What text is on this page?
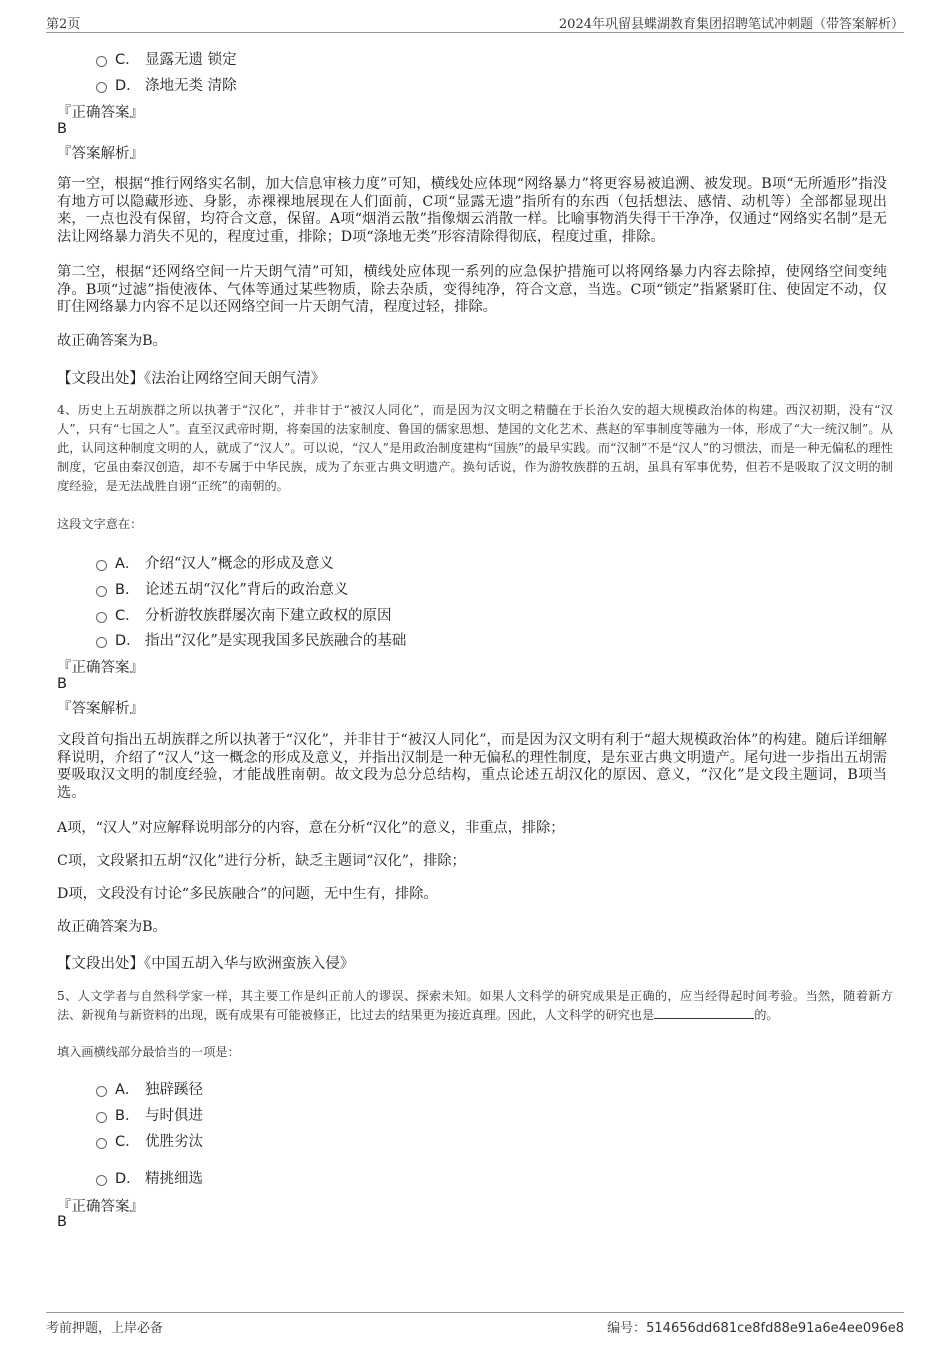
第2页	2024年巩留县蝶湖教育集团招聘笔试冲刺题（带答案解析）
C． 显露无遗 锁定
D． 涤地无类 清除
『正确答案』
B
『答案解析』

第一空，根据“推行网络实名制，加大信息审核力度”可知，横线处应体现“网络暴力”将更容易被追溯、被发现。B项“无所遁形”指没有地方可以隐藏形迹、身影，赤裸裸地展现在人们面前，C项“显露无遗”指所有的东西（包括想法、感情、动机等）全部都显现出来，一点也没有保留，均符合文意，保留。A项“烟消云散”指像烟云消散一样。比喻事物消失得干干净净，仅通过“网络实名制”是无法让网络暴力消失不见的，程度过重，排除；D项“涤地无类”形容清除得彻底，程度过重，排除。

第二空，根据“还网络空间一片天朗气清”可知，横线处应体现一系列的应急保护措施可以将网络暴力内容去除掉，使网络空间变纯净。B项“过滤”指使液体、气体等通过某些物质，除去杂质，变得纯净，符合文意，当选。C项“锁定”指紧紧盯住、使固定不动，仅盯住网络暴力内容不足以还网络空间一片天朗气清，程度过轻，排除。

故正确答案为B。

【文段出处】《法治让网络空间天朗气清》

4、历史上五胡族群之所以执著于“汉化”，并非甘于“被汉人同化”，而是因为汉文明之精髓在于长治久安的超大规模政治体的构建。西汉初期，没有“汉人”，只有“七国之人”。直至汉武帝时期，将秦国的法家制度、鲁国的儒家思想、楚国的文化艺术、燕赵的军事制度等融为一体，形成了“大一统汉制”。从此，认同这种制度文明的人，就成了“汉人”。可以说，“汉人”是用政治制度建构“国族”的最早实践。而“汉制”不是“汉人”的习惯法，而是一种无偏私的理性制度，它虽由秦汉创造，却不专属于中华民族，成为了东亚古典文明遗产。换句话说，作为游牧族群的五胡，虽具有军事优势，但若不是吸取了汉文明的制度经验，是无法战胜自诩“正统”的南朝的。

这段文字意在：
A． 介绍“汉人”概念的形成及意义
B． 论述五胡“汉化”背后的政治意义
C． 分析游牧族群屡次南下建立政权的原因
D． 指出“汉化”是实现我国多民族融合的基础
『正确答案』
B
『答案解析』

文段首句指出五胡族群之所以执著于“汉化”，并非甘于“被汉人同化”，而是因为汉文明有利于“超大规模政治体”的构建。随后详细解释说明，介绍了“汉人”这一概念的形成及意义，并指出汉制是一种无偏私的理性制度，是东亚古典文明遗产。尾句进一步指出五胡需要吸取汉文明的制度经验，才能战胜南朝。故文段为总分总结构，重点论述五胡汉化的原因、意义，“汉化”是文段主题词，B项当选。

A项，“汉人”对应解释说明部分的内容，意在分析“汉化”的意义，非重点，排除；

C项，文段紧扣五胡“汉化”进行分析，缺乏主题词“汉化”，排除；

D项，文段没有讨论“多民族融合”的问题，无中生有，排除。

故正确答案为B。

【文段出处】《中国五胡入华与欧洲蛮族入侵》

5、人文学者与自然科学家一样，其主要工作是纠正前人的谬误、探索未知。如果人文科学的研究成果是正确的，应当经得起时间考验。当然，随着新方法、新视角与新资料的出现，既有成果有可能被修正，比过去的结果更为接近真理。因此，人文科学的研究也是	的。

填入画横线部分最恰当的一项是：
A． 独辟蹊径
B． 与时俱进
C． 优胜劣汰
D． 精挑细选
『正确答案』
B
考前押题，上岸必备	编号：514656dd681ce8fd88e91a6e4ee096e8
